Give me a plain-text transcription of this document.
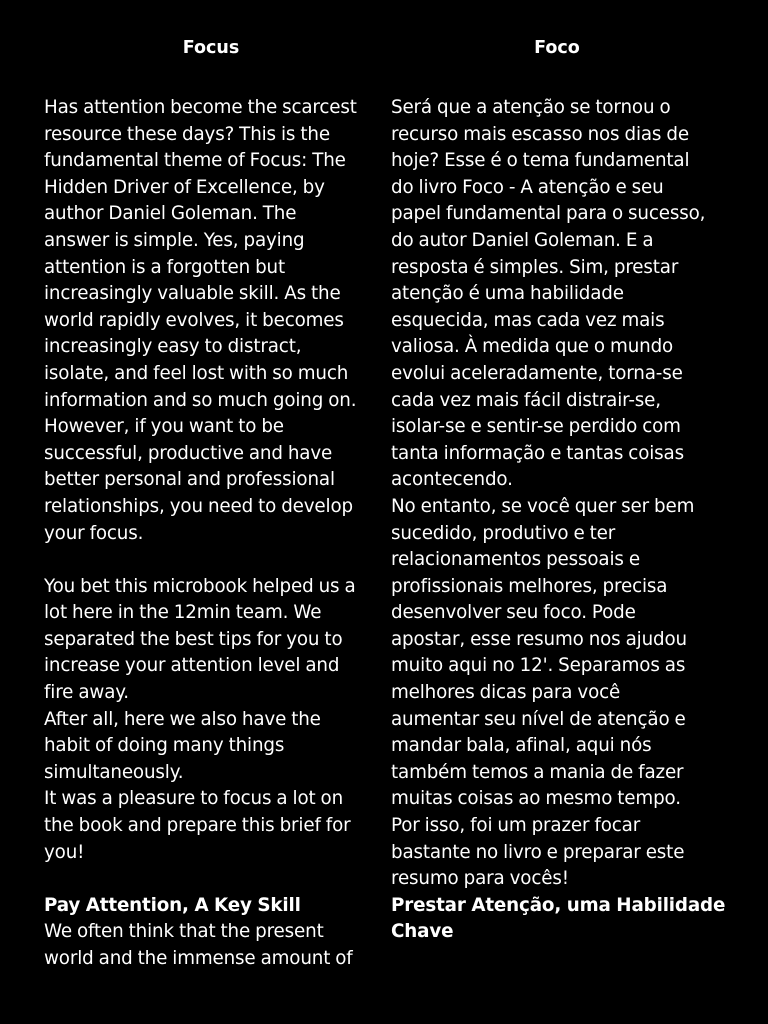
Focus

Has attention become the scarcest
resource these days? This is the
fundamental theme of Focus: The
Hidden Driver of Excellence, by
author Daniel Goleman. The
answer is simple. Yes, paying
attention is a forgotten but
increasingly valuable skill. As the
world rapidly evolves, it becomes
increasingly easy to distract,
isolate, and feel lost with so much
information and so much going on.
However, if you want to be
successful, productive and have
better personal and professional
relationships, you need to develop
your focus.

You bet this microbook helped us a
lot here in the 12min team. We
separated the best tips for you to
increase your attention level and
fire away.

After all, here we also have the
habit of doing many things
simultaneously.

It was a pleasure to focus a lot on
the book and prepare this brief for
you!

Pay Attention, A Key Skill

We often think that the present
world and the immense amount of

Foco

Será que a atenção se tornou o
recurso mais escasso nos dias de
hoje? Esse é o tema fundamental
do livro Foco - A atenção e seu
papel fundamental para o sucesso,
do autor Daniel Goleman. E a
resposta é simples. Sim, prestar
atenção é uma habilidade
esquecida, mas cada vez mais
valiosa. À medida que o mundo
evolui aceleradamente, torna-se
cada vez mais fácil distrair-se,
isolar-se e sentir-se perdido com
tanta informação e tantas coisas
acontecendo.

No entanto, se você quer ser bem
sucedido, produtivo e ter
relacionamentos pessoais e
profissionais melhores, precisa
desenvolver seu foco. Pode
apostar, esse resumo nos ajudou
muito aqui no 12'. Separamos as
melhores dicas para você
aumentar seu nível de atenção e
mandar bala, afinal, aqui nós
também temos a mania de fazer
muitas coisas ao mesmo tempo.
Por isso, foi um prazer focar
bastante no livro e preparar este
resumo para vocês!

Prestar Atenção, uma Habilidade
Chave
